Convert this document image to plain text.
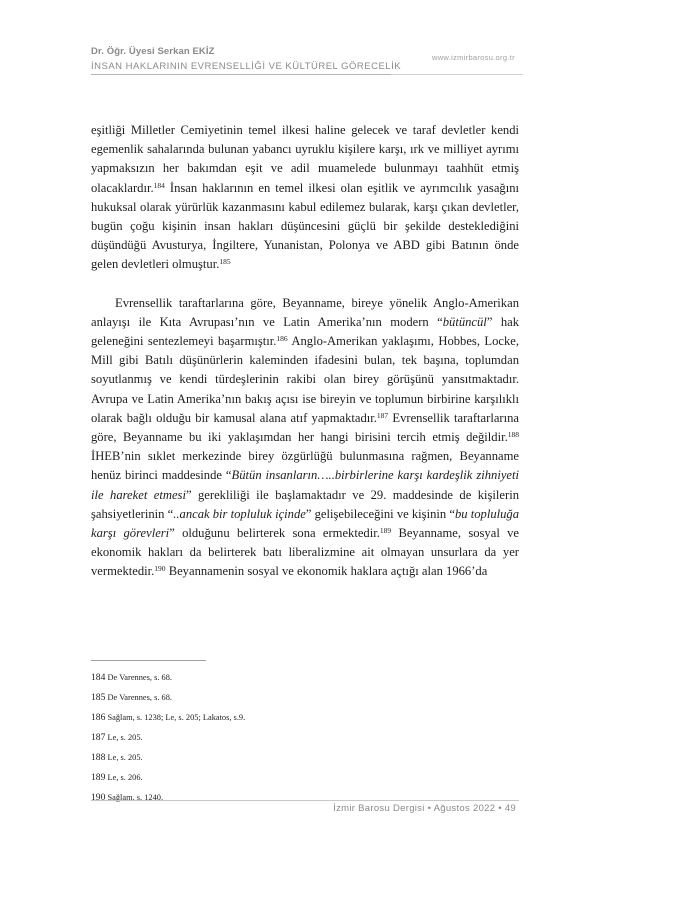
Dr. Öğr. Üyesi Serkan EKİZ
İNSAN HAKLARININ EVRENSELLİĞİ VE KÜLTÜREL GÖRECELİK
www.izmirbarosu.org.tr

eşitliği Milletler Cemiyetinin temel ilkesi haline gelecek ve taraf devletler kendi egemenlik sahalarında bulunan yabancı uyruklu kişilere karşı, ırk ve milliyet ayrımı yapmaksızın her bakımdan eşit ve adil muamelede bulunmayı taahhüt etmiş olacaklardır.$^{184}$ İnsan haklarının en temel ilkesi olan eşitlik ve ayrımcılık yasağını hukuksal olarak yürürlük kazanmasını kabul edilemez bularak, karşı çıkan devletler, bugün çoğu kişinin insan hakları düşüncesini güçlü bir şekilde desteklediğini düşündüğü Avusturya, İngiltere, Yunanistan, Polonya ve ABD gibi Batının önde gelen devletleri olmuştur.$^{185}$

Evrensellik taraftarlarına göre, Beyanname, bireye yönelik Anglo-Amerikan anlayışı ile Kıta Avrupası’nın ve Latin Amerika’nın modern “bütüncül” hak geleneğini sentezlemeyi başarmıştır.$^{186}$ Anglo-Amerikan yaklaşımı, Hobbes, Locke, Mill gibi Batılı düşünürlerin kaleminden ifadesini bulan, tek başına, toplumdan soyutlanmış ve kendi türdeşlerinin rakibi olan birey görüşünü yansıtmaktadır. Avrupa ve Latin Amerika’nın bakış açısı ise bireyin ve toplumun birbirine karşılıklı olarak bağlı olduğu bir kamusal alana atıf yapmaktadır.$^{187}$ Evrensellik taraftarlarına göre, Beyanname bu iki yaklaşımdan her hangi birisini tercih etmiş değildir.$^{188}$ İHEB’nin sıklet merkezinde birey özgürlüğü bulunmasına rağmen, Beyanname henüz birinci maddesinde “Bütün insanların…..birbirlerine karşı kardeşlik zihniyeti ile hareket etmesi” gerekliliği ile başlamaktadır ve 29. maddesinde de kişilerin şahsiyetlerinin “..ancak bir topluluk içinde” gelişebileceğini ve kişinin “bu topluluğa karşı görevleri” olduğunu belirterek sona ermektedir.$^{189}$ Beyanname, sosyal ve ekonomik hakları da belirterek batı liberalizmine ait olmayan unsurlara da yer vermektedir.$^{190}$ Beyannamenin sosyal ve ekonomik haklara açtığı alan 1966’da

184 De Varennes, s. 68.
185 De Varennes, s. 68.
186 Sağlam, s. 1238; Le, s. 205; Lakatos, s.9.
187 Le, s. 205.
188 Le, s. 205.
189 Le, s. 206.
190 Sağlam, s. 1240.
İzmir Barosu Dergisi • Ağustos 2022 • 49
